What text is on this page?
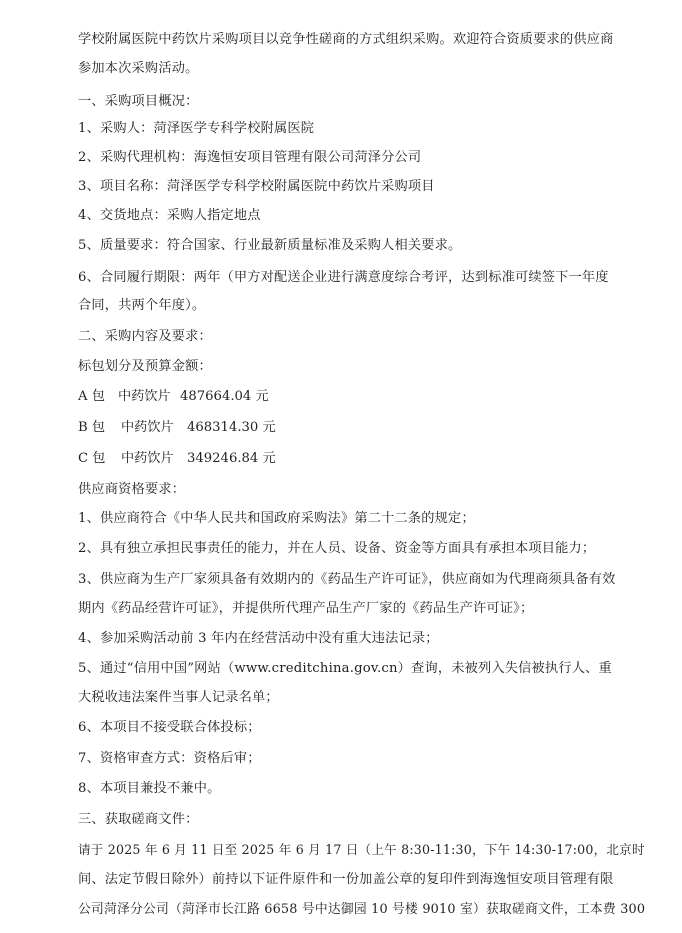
学校附属医院中药饮片采购项目以竞争性磋商的方式组织采购。欢迎符合资质要求的供应商
参加本次采购活动。
一、采购项目概况：
1、采购人：菏泽医学专科学校附属医院
2、采购代理机构：海逸恒安项目管理有限公司菏泽分公司
3、项目名称：菏泽医学专科学校附属医院中药饮片采购项目
4、交货地点：采购人指定地点
5、质量要求：符合国家、行业最新质量标准及采购人相关要求。
6、合同履行期限：两年（甲方对配送企业进行满意度综合考评，达到标准可续签下一年度
合同，共两个年度）。
二、采购内容及要求：
标包划分及预算金额：
A 包 中药饮片 487664.04 元
B 包 中药饮片 468314.30 元
C 包 中药饮片 349246.84 元
供应商资格要求：
1、供应商符合《中华人民共和国政府采购法》第二十二条的规定；
2、具有独立承担民事责任的能力，并在人员、设备、资金等方面具有承担本项目能力；
3、供应商为生产厂家须具备有效期内的《药品生产许可证》，供应商如为代理商须具备有效
期内《药品经营许可证》，并提供所代理产品生产厂家的《药品生产许可证》；
4、参加采购活动前 3 年内在经营活动中没有重大违法记录；
5、通过“信用中国”网站（www.creditchina.gov.cn）查询，未被列入失信被执行人、重
大税收违法案件当事人记录名单；
6、本项目不接受联合体投标；
7、资格审查方式：资格后审；
8、本项目兼投不兼中。
三、获取磋商文件：
请于 2025 年 6 月 11 日至 2025 年 6 月 17 日（上午 8:30-11:30，下午 14:30-17:00，北京时
间、法定节假日除外）前持以下证件原件和一份加盖公章的复印件到海逸恒安项目管理有限
公司菏泽分公司（菏泽市长江路 6658 号中达御园 10 号楼 9010 室）获取磋商文件，工本费 300
